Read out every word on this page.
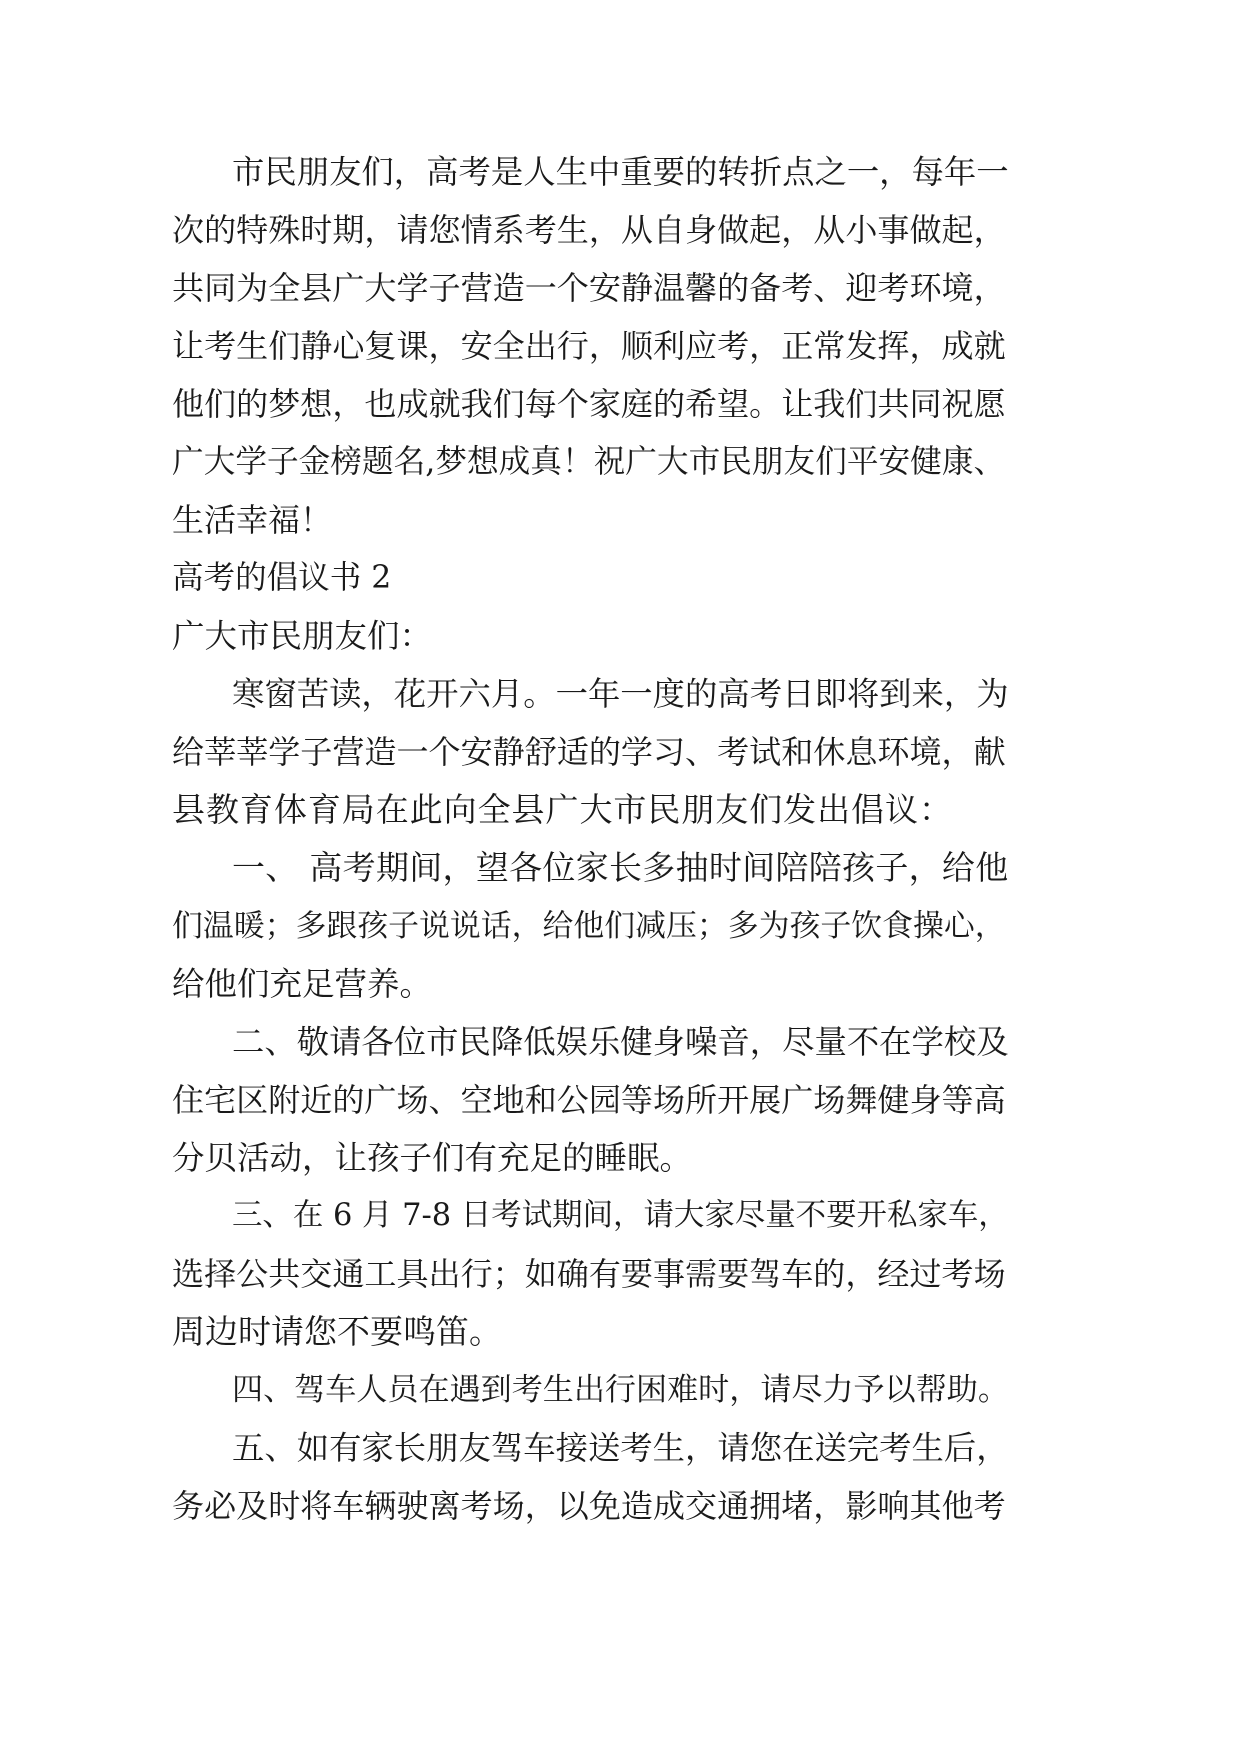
市民朋友们，高考是人生中重要的转折点之一，每年一

次的特殊时期，请您情系考生，从自身做起，从小事做起，

共同为全县广大学子营造一个安静温馨的备考、迎考环境，

让考生们静心复课，安全出行，顺利应考，正常发挥，成就

他们的梦想，也成就我们每个家庭的希望。让我们共同祝愿

广大学子金榜题名,梦想成真！祝广大市民朋友们平安健康、

生活幸福！

高考的倡议书 2

广大市民朋友们：

寒窗苦读，花开六月。一年一度的高考日即将到来，为

给莘莘学子营造一个安静舒适的学习、考试和休息环境，献

县教育体育局在此向全县广大市民朋友们发出倡议：

一、 高考期间，望各位家长多抽时间陪陪孩子，给他

们温暖；多跟孩子说说话，给他们减压；多为孩子饮食操心，

给他们充足营养。

二、敬请各位市民降低娱乐健身噪音，尽量不在学校及

住宅区附近的广场、空地和公园等场所开展广场舞健身等高

分贝活动，让孩子们有充足的睡眠。

三、在 6 月 7-8 日考试期间，请大家尽量不要开私家车，

选择公共交通工具出行；如确有要事需要驾车的，经过考场

周边时请您不要鸣笛。

四、驾车人员在遇到考生出行困难时，请尽力予以帮助。

五、如有家长朋友驾车接送考生，请您在送完考生后，

务必及时将车辆驶离考场，以免造成交通拥堵，影响其他考
